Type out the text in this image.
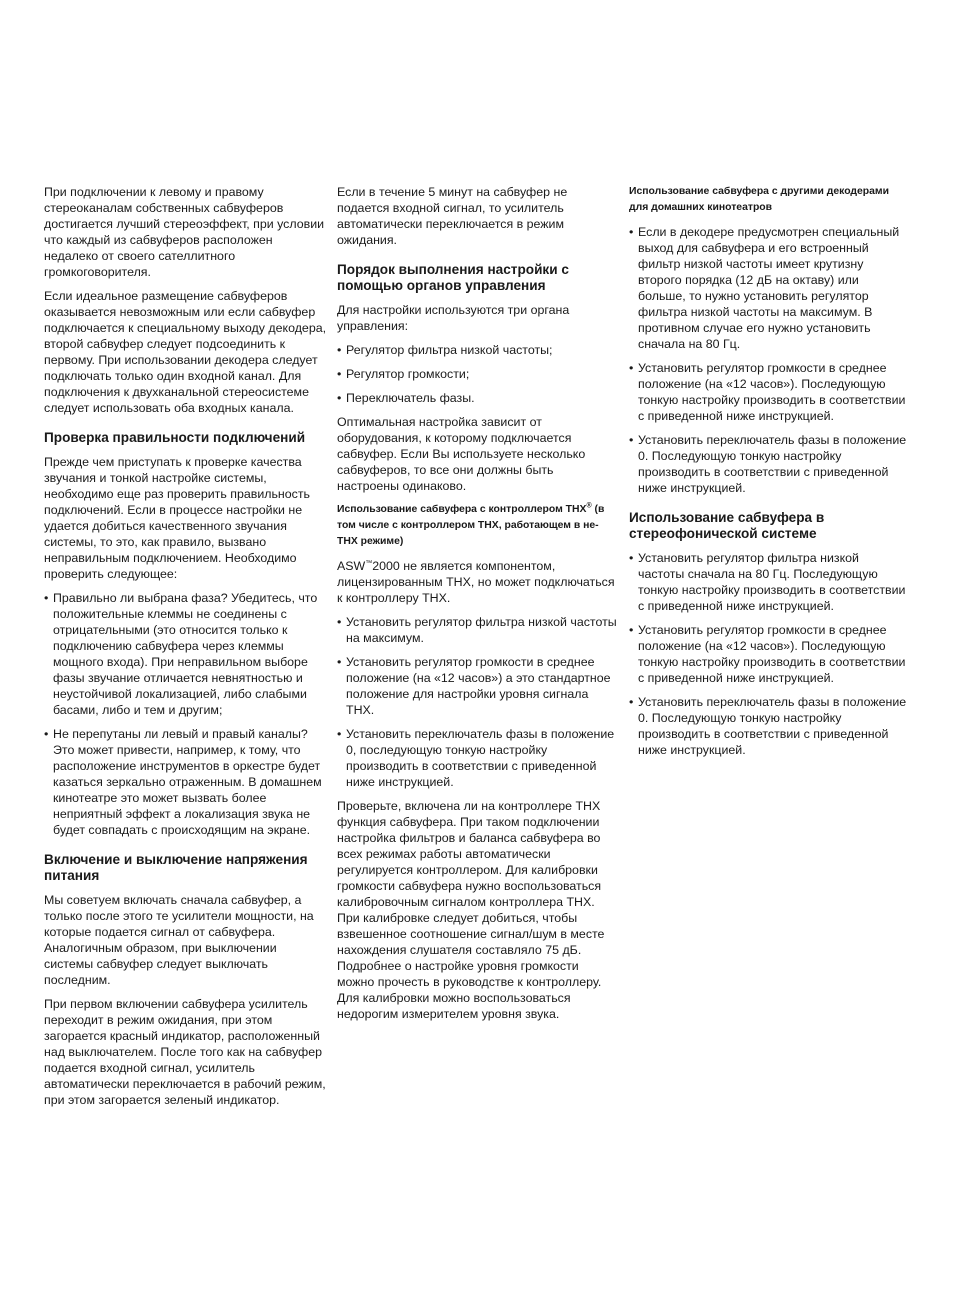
При подключении к левому и правому стереоканалам собственных сабвуферов достигается лучший стереоэффект, при условии что каждый из сабвуферов расположен недалеко от своего сателлитного громкоговорителя.

Если идеальное размещение сабвуферов оказывается невозможным или если сабвуфер подключается к специальному выходу декодера, второй сабвуфер следует подсоединить к первому. При использовании декодера следует подключать только один входной канал. Для подключения к двухканальной стереосистеме следует использовать оба входных канала.

Проверка правильности подключений

Прежде чем приступать к проверке качества звучания и тонкой настройке системы, необходимо еще раз проверить правильность подключений. Если в процессе настройки не удается добиться качественного звучания системы, то это, как правило, вызвано неправильным подключением. Необходимо проверить следующее:

• Правильно ли выбрана фаза? Убедитесь, что положительные клеммы не соединены с отрицательными (это относится только к подключению сабвуфера через клеммы мощного входа). При неправильном выборе фазы звучание отличается невнятностью и неустойчивой локализацией, либо слабыми басами, либо и тем и другим;
• Не перепутаны ли левый и правый каналы? Это может привести, например, к тому, что расположение инструментов в оркестре будет казаться зеркально отраженным. В домашнем кинотеатре это может вызвать более неприятный эффект а локализация звука не будет совпадать с происходящим на экране.
Включение и выключение напряжения питания

Мы советуем включать сначала сабвуфер, а только после этого те усилители мощности, на которые подается сигнал от сабвуфера. Аналогичным образом, при выключении системы сабвуфер следует выключать последним.

При первом включении сабвуфера усилитель переходит в режим ожидания, при этом загорается красный индикатор, расположенный над выключателем. После того как на сабвуфер подается входной сигнал, усилитель автоматически переключается в рабочий режим, при этом загорается зеленый индикатор.

Если в течение 5 минут на сабвуфер не подается входной сигнал, то усилитель автоматически переключается в режим ожидания.

Порядок выполнения настройки с помощью органов управления

Для настройки используются три органа управления:

• Регулятор фильтра низкой частоты;
• Регулятор громкости;
• Переключатель фазы.

Оптимальная настройка зависит от оборудования, к которому подключается сабвуфер. Если Вы используете несколько сабвуферов, то все они должны быть настроены одинаково.

Использование сабвуфера с контроллером THX® (в том числе с контроллером THX, работающем в не-THX режиме)

ASW™2000 не является компонентом, лицензированным THX, но может подключаться к контроллеру THX.

• Установить регулятор фильтра низкой частоты на максимум.
• Установить регулятор громкости в среднее положение (на «12 часов») а это стандартное положение для настройки уровня сигнала THX.
• Установить переключатель фазы в положение 0, последующую тонкую настройку производить в соответствии с приведенной ниже инструкцией.

Проверьте, включена ли на контроллере THX функция сабвуфера. При таком подключении настройка фильтров и баланса сабвуфера во всех режимах работы автоматически регулируется контроллером. Для калибровки громкости сабвуфера нужно воспользоваться калибровочным сигналом контроллера THX. При калибровке следует добиться, чтобы взвешенное соотношение сигнал/шум в месте нахождения слушателя составляло 75 дБ. Подробнее о настройке уровня громкости можно прочесть в руководстве к контроллеру. Для калибровки можно воспользоваться недорогим измерителем уровня звука.

Использование сабвуфера с другими декодерами для домашних кинотеатров
• Если в декодере предусмотрен специальный выход для сабвуфера и его встроенный фильтр низкой частоты имеет крутизну второго порядка (12 дБ на октаву) или больше, то нужно установить регулятор фильтра низкой частоты на максимум. В противном случае его нужно установить сначала на 80 Гц.
• Установить регулятор громкости в среднее положение (на «12 часов»). Последующую тонкую настройку производить в соответствии с приведенной ниже инструкцией.
• Установить переключатель фазы в положение 0. Последующую тонкую настройку производить в соответствии с приведенной ниже инструкцией.
Использование сабвуфера в стереофонической системе
• Установить регулятор фильтра низкой частоты сначала на 80 Гц. Последующую тонкую настройку производить в соответствии с приведенной ниже инструкцией.
• Установить регулятор громкости в среднее положение (на «12 часов»). Последующую тонкую настройку производить в соответствии с приведенной ниже инструкцией.
• Установить переключатель фазы в положение 0. Последующую тонкую настройку производить в соответствии с приведенной ниже инструкцией.
